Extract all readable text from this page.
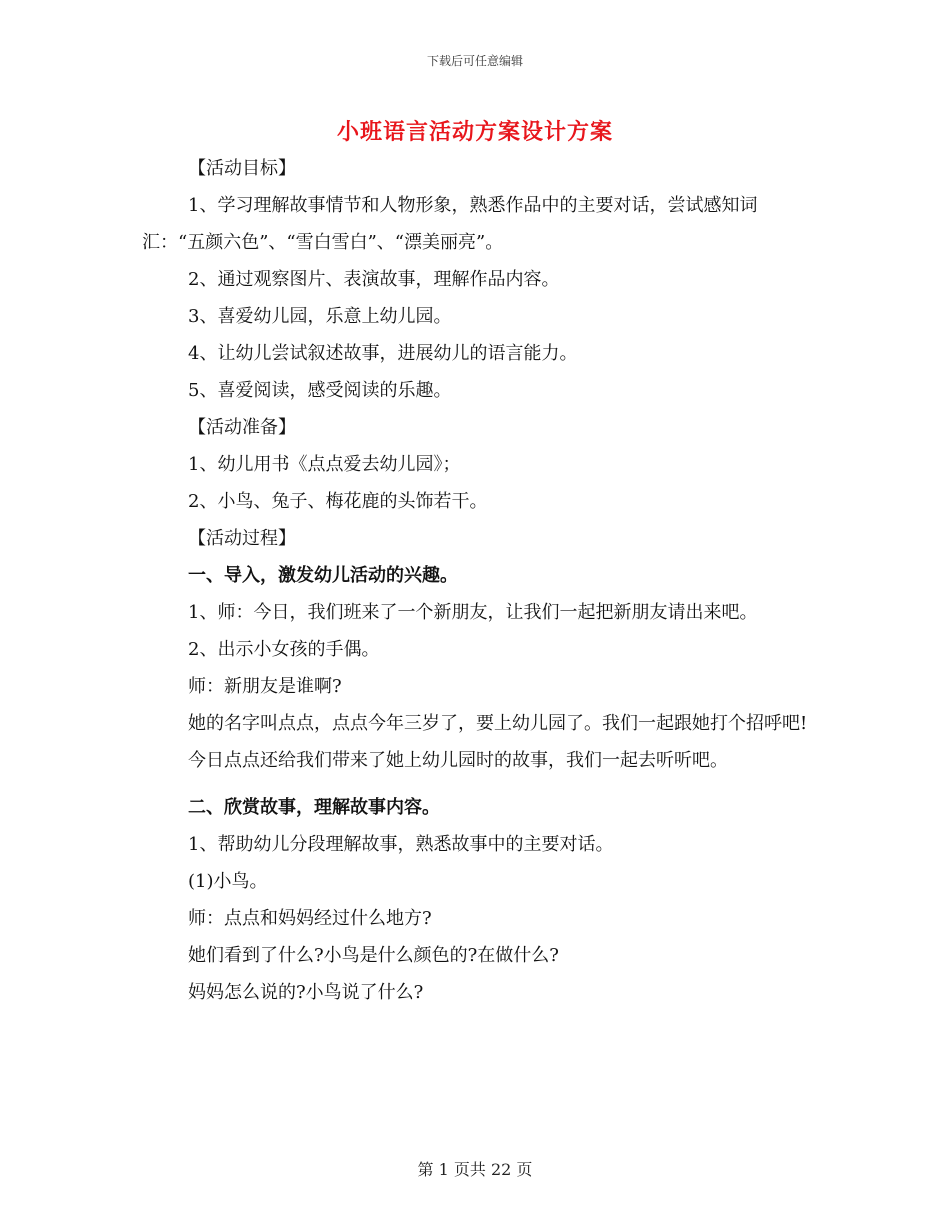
下载后可任意编辑
小班语言活动方案设计方案

【活动目标】

1、学习理解故事情节和人物形象，熟悉作品中的主要对话，尝试感知词汇：“五颜六色”、“雪白雪白”、“漂美丽亮”。

2、通过观察图片、表演故事，理解作品内容。

3、喜爱幼儿园，乐意上幼儿园。

4、让幼儿尝试叙述故事，进展幼儿的语言能力。

5、喜爱阅读，感受阅读的乐趣。

【活动准备】

1、幼儿用书《点点爱去幼儿园》；

2、小鸟、兔子、梅花鹿的头饰若干。

【活动过程】

一、导入，激发幼儿活动的兴趣。

1、师：今日，我们班来了一个新朋友，让我们一起把新朋友请出来吧。

2、出示小女孩的手偶。

师：新朋友是谁啊?

她的名字叫点点，点点今年三岁了，要上幼儿园了。我们一起跟她打个招呼吧!

今日点点还给我们带来了她上幼儿园时的故事，我们一起去听听吧。

二、欣赏故事，理解故事内容。

1、帮助幼儿分段理解故事，熟悉故事中的主要对话。

(1)小鸟。

师：点点和妈妈经过什么地方?

她们看到了什么?小鸟是什么颜色的?在做什么?

妈妈怎么说的?小鸟说了什么?

第 1 页共 22 页
